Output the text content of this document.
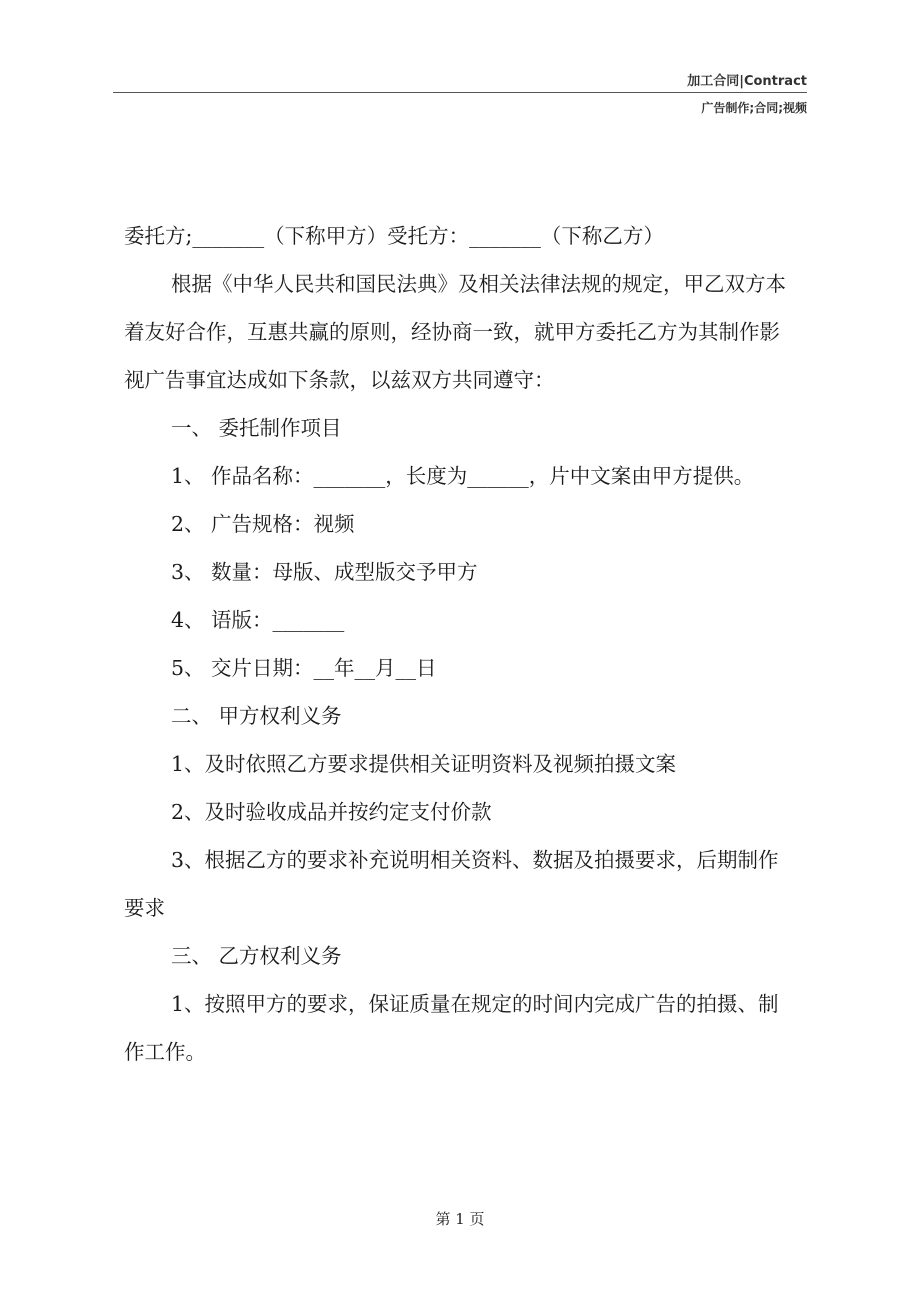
加工合同|Contract
广告制作;合同;视频

委托方;_______（下称甲方）受托方：_______（下称乙方）

根据《中华人民共和国民法典》及相关法律法规的规定，甲乙双方本着友好合作，互惠共赢的原则，经协商一致，就甲方委托乙方为其制作影视广告事宜达成如下条款，以兹双方共同遵守：

一、 委托制作项目

1、 作品名称：_______，长度为______，片中文案由甲方提供。

2、 广告规格：视频

3、 数量：母版、成型版交予甲方

4、 语版：_______

5、 交片日期：__年__月__日

二、 甲方权利义务

1、及时依照乙方要求提供相关证明资料及视频拍摄文案

2、及时验收成品并按约定支付价款

3、根据乙方的要求补充说明相关资料、数据及拍摄要求，后期制作要求

三、 乙方权利义务

1、按照甲方的要求，保证质量在规定的时间内完成广告的拍摄、制作工作。

第 1 页
